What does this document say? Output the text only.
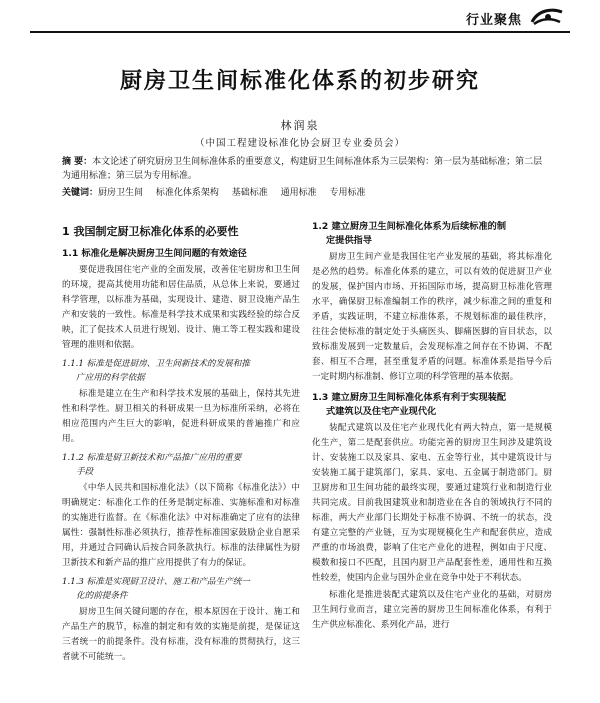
行业聚焦
厨房卫生间标准化体系的初步研究
林润泉
（中国工程建设标准化协会厨卫专业委员会）
摘 要：本文论述了研究厨房卫生间标准体系的重要意义，构建厨卫生间标准体系为三层架构：第一层为基础标准；第二层为通用标准；第三层为专用标准。
关键词：厨房卫生间 标准化体系架构 基础标准 通用标准 专用标准
1 我国制定厨卫标准化体系的必要性
1.1 标准化是解决厨房卫生间问题的有效途径

要促进我国住宅产业的全面发展，改善住宅厨房和卫生间的环境，提高其使用功能和居住品质，从总体上来说，要通过科学管理，以标准为基础，实现设计、建造、厨卫设施产品生产和安装的一致性。标准是科学技术成果和实践经验的综合反映，汇了促技术人员进行规划、设计、施工等工程实践和建设管理的准则和依据。

1.1.1 标准是促进厨房、卫生间新技术的发展和推
广应用的科学依据

标准是建立在生产和科学技术发展的基础上，保持其先进性和科学性。厨卫相关的科研成果一旦为标准所采纳，必将在相应范围内产生巨大的影响，促进科研成果的普遍推广和应用。

1.1.2 标准是厨卫新技术和产品推广应用的重要
手段

《中华人民共和国标准化法》（以下简称《标准化法》）中明确规定：标准化工作的任务是制定标准、实施标准和对标准的实施进行监督。在《标准化法》中对标准确定了应有的法律属性：强制性标准必须执行，推荐性标准国家鼓励企业自愿采用，并通过合同确认后按合同条款执行。标准的法律属性为厨卫新技术和新产品的推广应用提供了有力的保证。

1.1.3 标准是实现厨卫设计、施工和产品生产统一
化的前提条件

厨房卫生间关键问题的存在，根本原因在于设计、施工和产品生产的脱节，标准的制定和有效的实施是前提，是保证这三者统一的前提条件。没有标准，没有标准的贯彻执行，这三者就不可能统一。

1.2 建立厨房卫生间标准化体系为后续标准的制
定提供指导

厨房卫生间产业是我国住宅产业发展的基础，将其标准化是必然的趋势。标准化体系的建立，可以有效的促进厨卫产业的发展，保护国内市场、开拓国际市场，提高厨卫标准化管理水平，确保厨卫标准编制工作的秩序，减少标准之间的重复和矛盾，实践证明，不建立标准体系，不规划标准的最佳秩序，往往会使标准的制定处于头痛医头、脚痛医脚的盲目状态，以致标准发展到一定数量后，会发现标准之间存在不协调、不配套、相互不合理，甚至重复矛盾的问题。标准体系是指导今后一定时期内标准制、修订立项的科学管理的基本依据。

1.3 建立厨房卫生间标准化体系有利于实现装配
式建筑以及住宅产业现代化

装配式建筑以及住宅产业现代化有两大特点，第一是规模化生产，第二是配套供应。功能完善的厨房卫生间涉及建筑设计、安装施工以及家具、家电、五金等行业，其中建筑设计与安装施工属于建筑部门，家具、家电、五金属于制造部门。厨卫厨房和卫生间功能的最终实现，要通过建筑行业和制造行业共同完成。目前我国建筑业和制造业在各自的领域执行不同的标准，两大产业部门长期处于标准不协调、不统一的状态，没有建立完整的产业链，互为实现规模化生产和配套供应，造成严重的市场浪费，影响了住宅产业化的进程，例如由于尺度、模数和接口不匹配，且国内厨卫产品配套性差，通用性和互换性较差，使国内企业与国外企业在竞争中处于不利状态。

标准化是推进装配式建筑以及住宅产业化的基础，对厨房卫生间行业而言，建立完善的厨房卫生间标准化体系，有利于生产供应标准化、系列化产品，进行
